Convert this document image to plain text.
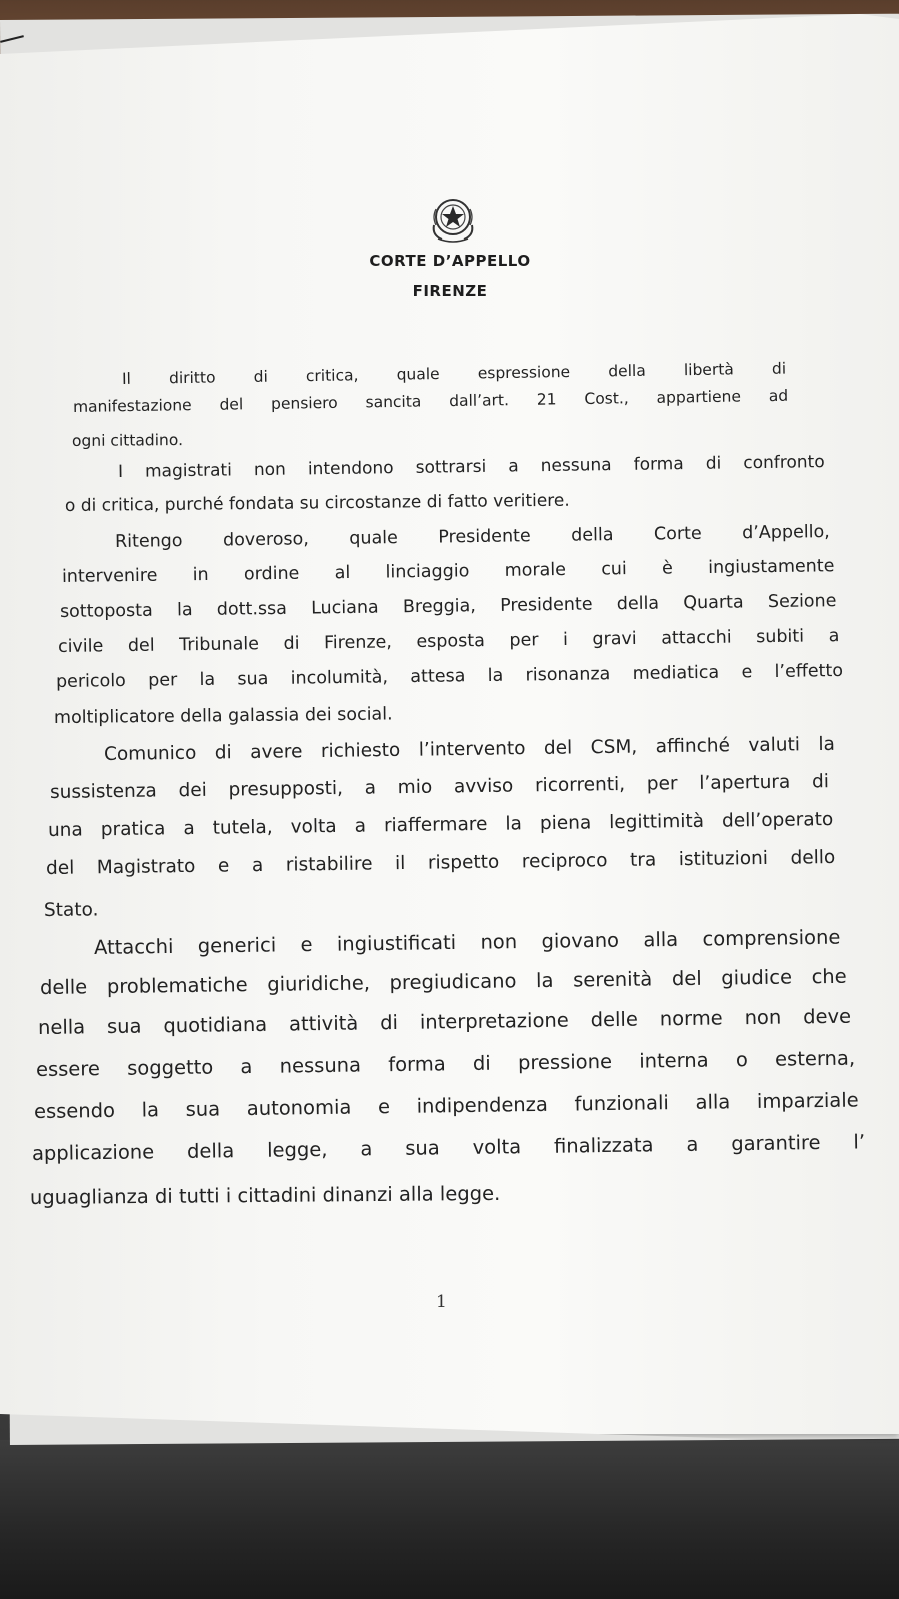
CORTE D’APPELLO
FIRENZE
Il diritto di critica, quale espressione della libertà di
manifestazione del pensiero sancita dall’art. 21 Cost., appartiene ad
ogni cittadino.
I magistrati non intendono sottrarsi a nessuna forma di confronto
o di critica, purché fondata su circostanze di fatto veritiere.
Ritengo doveroso, quale Presidente della Corte d’Appello,
intervenire in ordine al linciaggio morale cui è ingiustamente
sottoposta la dott.ssa Luciana Breggia, Presidente della Quarta Sezione
civile del Tribunale di Firenze, esposta per i gravi attacchi subiti a
pericolo per la sua incolumità, attesa la risonanza mediatica e l’effetto
moltiplicatore della galassia dei social.
Comunico di avere richiesto l’intervento del CSM, affinché valuti la
sussistenza dei presupposti, a mio avviso ricorrenti, per l’apertura di
una pratica a tutela, volta a riaffermare la piena legittimità dell’operato
del Magistrato e a ristabilire il rispetto reciproco tra istituzioni dello
Stato.
Attacchi generici e ingiustificati non giovano alla comprensione
delle problematiche giuridiche, pregiudicano la serenità del giudice che
nella sua quotidiana attività di interpretazione delle norme non deve
essere soggetto a nessuna forma di pressione interna o esterna,
essendo la sua autonomia e indipendenza funzionali alla imparziale
applicazione della legge, a sua volta finalizzata a garantire l’
uguaglianza di tutti i cittadini dinanzi alla legge.
1
